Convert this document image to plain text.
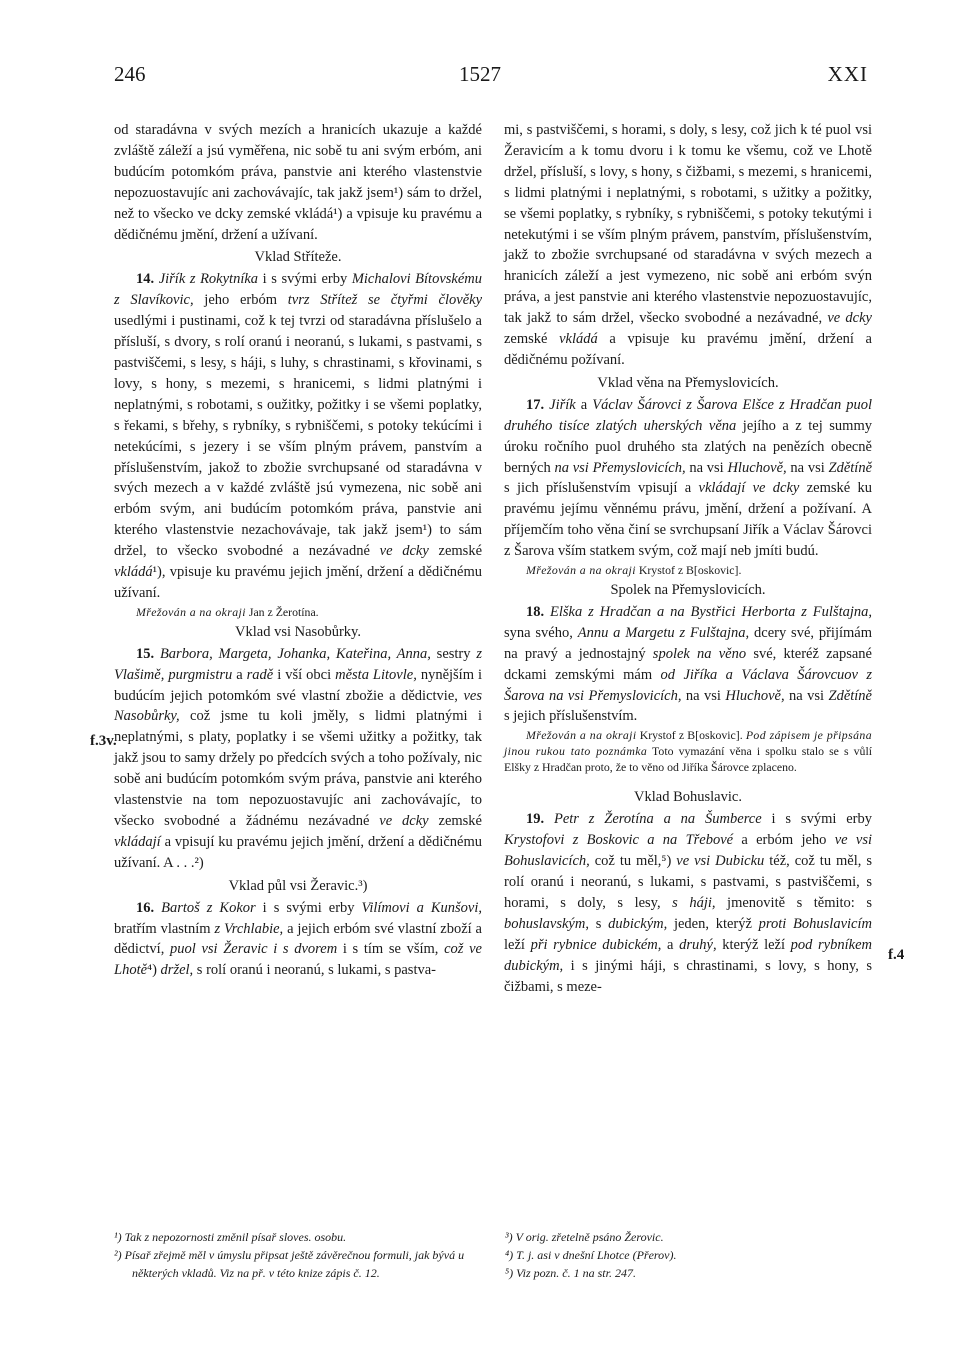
246	1527	XXI

od staradávna v svých mezích a hranicích ukazuje a každé zvláště záleží a jsú vyměřena, nic sobě tu ani svým erbóm, ani budúcím potomkóm práva, panstvie ani kterého vlastenstvie nepozuostavujíc ani zachovávajíc, tak jakž jsem¹) sám to držel, než to všecko ve dcky zemské vkládá¹) a vpisuje ku pravému a dědičnému jmění, držení a užívaní.

Vklad Stříteže.

14. Jiřík z Rokytníka i s svými erby Michalovi Bítovskému z Slavíkovic, jeho erbóm tvrz Střítež se čtyřmi člověky usedlými i pustinami, což k tej tvrzi od staradávna příslušelo a přísluší, s dvory, s rolí oranú i neoranú, s lukami, s pastvami, s pastviščemi, s lesy, s háji, s luhy, s chrastinami, s křovinami, s lovy, s hony, s mezemi, s hranicemi, s lidmi platnými i neplatnými, s robotami, s oužitky, požitky i se všemi poplatky, s řekami, s břehy, s rybníky, s rybniščemi, s potoky tekúcími i netekúcími, s jezery i se vším plným právem, panstvím a příslušenstvím, jakož to zbožie svrchupsané od staradávna v svých mezech a v každé zvláště jsú vymezena, nic sobě ani erbóm svým, ani budúcím potomkóm práva, panstvie ani kterého vlastenstvie nezachovávaje, tak jakž jsem¹) to sám držel, to všecko svobodné a nezávadné ve dcky zemské vkládá¹), vpisuje ku pravému jejich jmění, držení a dědičnému užívaní.

Mřežován a na okraji Jan z Žerotína.

Vklad vsi Nasobůrky.

15. Barbora, Margeta, Johanka, Kateřina, Anna, sestry z Vlašimě, purgmistru a radě i vší obci města Litovle, nynějším i budúcím jejich potomkóm své vlastní zbožie a dědictvie, ves Nasobůrky, což jsme tu koli jměly, s lidmi platnými i neplatnými, s platy, poplatky i se všemi užitky a požitky, tak jakž jsou to samy držely po předcích svých a toho požívaly, nic sobě ani budúcím potomkóm svým práva, panstvie ani kterého vlastenstvie na tom nepozuostavujíc ani zachovávajíc, to všecko svobodné a žádnému nezávadné ve dcky zemské vkládají a vpisují ku pravému jejich jmění, držení a dědičnému užívaní. A . . .²)

Vklad půl vsi Žeravic.³)

16. Bartoš z Kokor i s svými erby Vilímovi a Kunšovi, bratřím vlastním z Vrchlabie, a jejich erbóm své vlastní zboží a dědictví, puol vsi Žeravic i s dvorem i s tím se vším, což ve Lhotě⁴) držel, s rolí oranú i neoranú, s lukami, s pastva-

f.3v.

mi, s pastviščemi, s horami, s doly, s lesy, což jich k té puol vsi Žeravicím a k tomu dvoru i k tomu ke všemu, což ve Lhotě držel, přísluší, s lovy, s hony, s čižbami, s mezemi, s hranicemi, s lidmi platnými i neplatnými, s robotami, s užitky a požitky, se všemi poplatky, s rybníky, s rybniščemi, s potoky tekutými i netekutými i se vším plným právem, panstvím, příslušenstvím, jakž to zbožie svrchupsané od staradávna v svých mezech a hranicích záleží a jest vymezeno, nic sobě ani erbóm svýn práva, a jest panstvie ani kterého vlastenstvie nepozuostavujíc, tak jakž to sám držel, všecko svobodné a nezávadné, ve dcky zemské vkládá a vpisuje ku pravému jmění, držení a dědičnému požívaní.

Vklad věna na Přemyslovicích.

17. Jiřík a Václav Šárovci z Šarova Elšce z Hradčan puol druhého tisíce zlatých uherských věna jejího a z tej summy úroku ročního puol druhého sta zlatých na penězích obecně berných na vsi Přemyslovicích, na vsi Hluchově, na vsi Zdětíně s jich příslušenstvím vpisují a vkládají ve dcky zemské ku pravému jejímu věnnému právu, jmění, držení a požívaní. A příjemčím toho věna činí se svrchupsaní Jiřík a Václav Šárovci z Šarova vším statkem svým, což mají neb jmíti budú.

Mřežován a na okraji Krystof z B[oskovic].

Spolek na Přemyslovicích.

18. Elška z Hradčan a na Bystřici Herborta z Fulštajna, syna svého, Annu a Margetu z Fulštajna, dcery své, přijímám na pravý a jednostajný spolek na věno své, kteréž zapsané dckami zemskými mám od Jiříka a Václava Šárovcuov z Šarova na vsi Přemyslovicích, na vsi Hluchově, na vsi Zdětíně s jejich příslušenstvím.

Mřežován a na okraji Krystof z B[oskovic]. Pod zápisem je připsána jinou rukou tato poznámka Toto vymazání věna i spolku stalo se s vůlí Elšky z Hradčan proto, že to věno od Jiříka Šárovce zplaceno.

Vklad Bohuslavic.

19. Petr z Žerotína a na Šumberce i s svými erby Krystofovi z Boskovic a na Třebové a erbóm jeho ve vsi Bohuslavicích, což tu měl,⁵) ve vsi Dubicku též, což tu měl, s rolí oranú i neoranú, s lukami, s pastvami, s pastviščemi, s horami, s doly, s lesy, s háji, jmenovitě s těmito: s bohuslavským, s dubickým, jeden, kterýž proti Bohuslavicím leží při rybnice dubickém, a druhý, kterýž leží pod rybníkem dubickým, i s jinými háji, s chrastinami, s lovy, s hony, s čižbami, s meze-

f.4

¹) Tak z nepozornosti změnil písař sloves. osobu.

²) Písař zřejmě měl v úmyslu připsat ještě závěrečnou formuli, jak bývá u některých vkladů. Viz na př. v této knize zápis č. 12.

³) V orig. zřetelně psáno Žerovic.

⁴) T. j. asi v dnešní Lhotce (Přerov).

⁵) Viz pozn. č. 1 na str. 247.
